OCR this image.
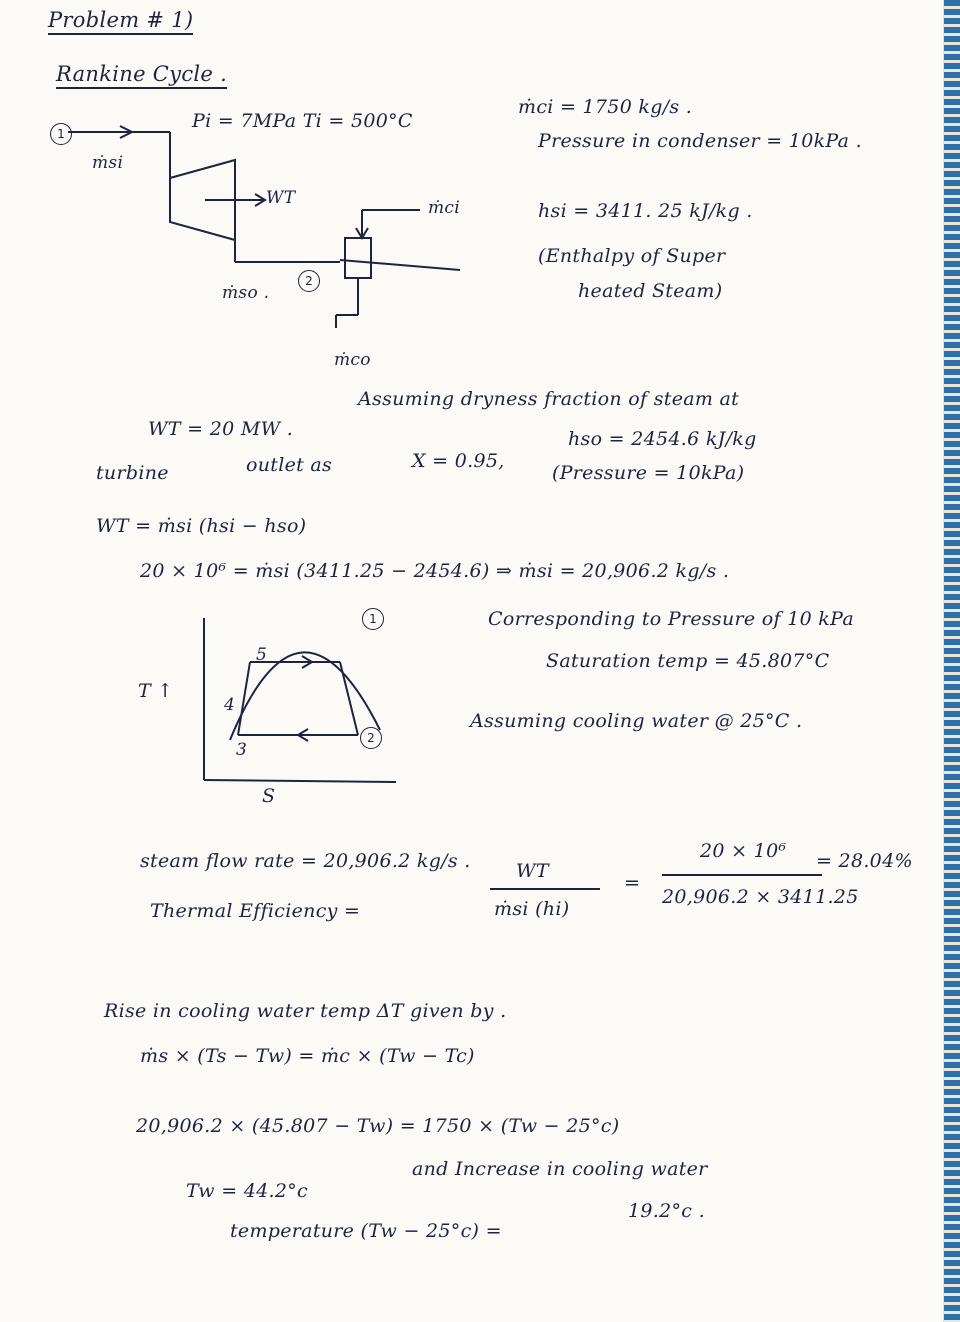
Problem # 1)
Rankine Cycle .
1
2
Pi = 7MPa Ti = 500°C
ṁsi
WT	ṁci
ṁso .
ṁco
ṁci = 1750 kg/s .
Pressure in condenser = 10kPa .
hsi = 3411. 25 kJ/kg .
(Enthalpy of Super
heated Steam)
WT = 20 MW .
Assuming dryness fraction of steam at
turbine	outlet as	X = 0.95,
hso = 2454.6 kJ/kg
(Pressure = 10kPa)
WT = ṁsi (hsi − hso)
20 × 10⁶ = ṁsi (3411.25 − 2454.6) ⇒ ṁsi = 20,906.2 kg/s .
T ↑
S
1
2
3
4
5
Corresponding to Pressure of 10 kPa
Saturation temp = 45.807°C
Assuming cooling water @ 25°C .
steam flow rate = 20,906.2 kg/s .
Thermal Efficiency =
WT
ṁsi (hi)
=
20 × 10⁶
20,906.2 × 3411.25
= 28.04%
Rise in cooling water temp ΔT given by .
ṁs × (Ts − Tw) = ṁc × (Tw − Tc)
20,906.2 × (45.807 − Tw) = 1750 × (Tw − 25°c)
Tw = 44.2°c
and Increase in cooling water
temperature (Tw − 25°c) =
19.2°c .
